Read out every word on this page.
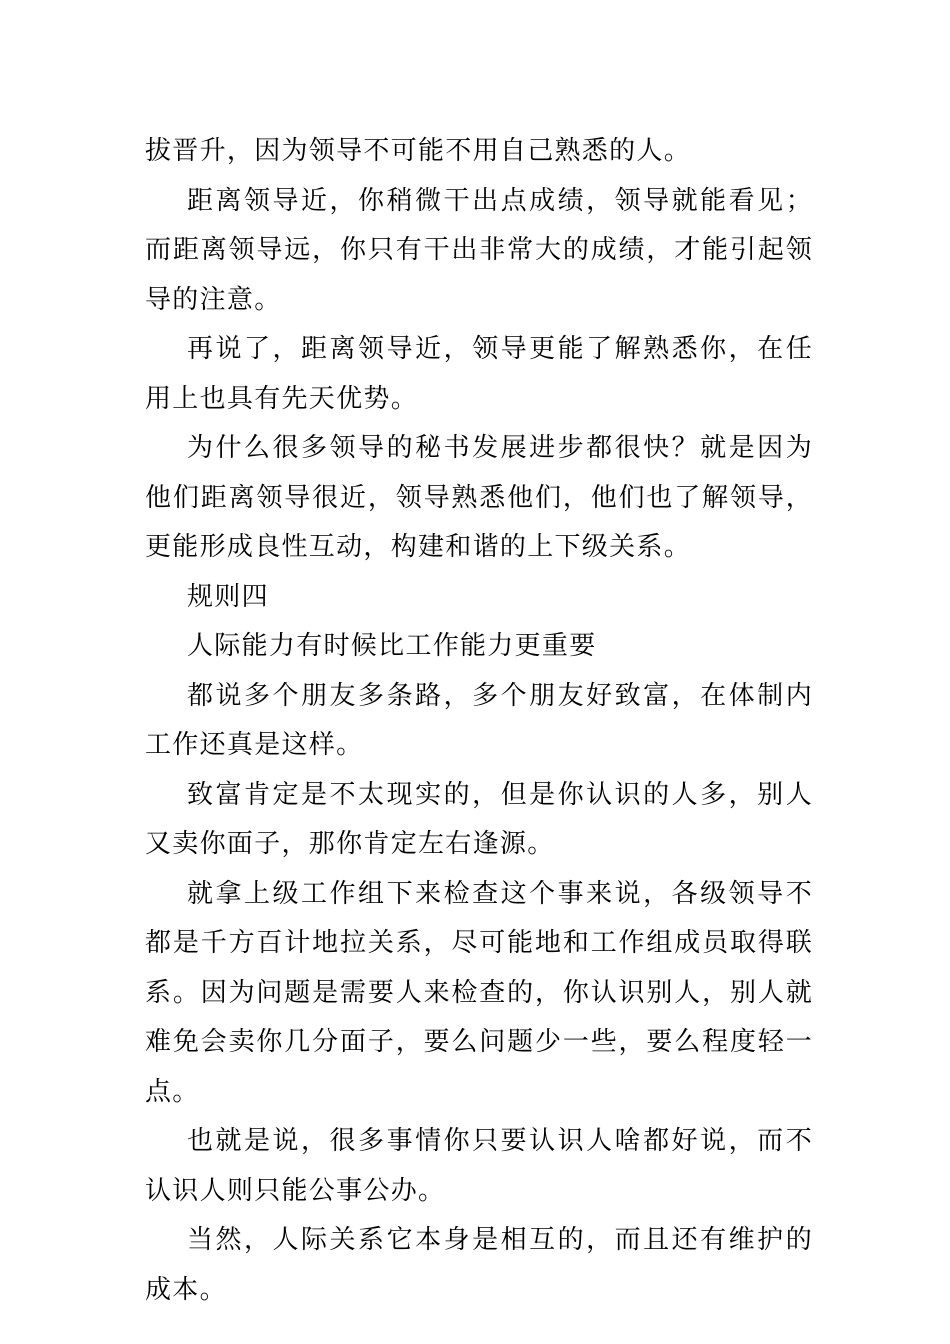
拔晋升，因为领导不可能不用自己熟悉的人。

距离领导近，你稍微干出点成绩，领导就能看见；而距离领导远，你只有干出非常大的成绩，才能引起领导的注意。

再说了，距离领导近，领导更能了解熟悉你，在任用上也具有先天优势。

为什么很多领导的秘书发展进步都很快？就是因为他们距离领导很近，领导熟悉他们，他们也了解领导，更能形成良性互动，构建和谐的上下级关系。

规则四

人际能力有时候比工作能力更重要

都说多个朋友多条路，多个朋友好致富，在体制内工作还真是这样。

致富肯定是不太现实的，但是你认识的人多，别人又卖你面子，那你肯定左右逢源。

就拿上级工作组下来检查这个事来说，各级领导不都是千方百计地拉关系，尽可能地和工作组成员取得联系。因为问题是需要人来检查的，你认识别人，别人就难免会卖你几分面子，要么问题少一些，要么程度轻一点。

也就是说，很多事情你只要认识人啥都好说，而不认识人则只能公事公办。

当然，人际关系它本身是相互的，而且还有维护的成本。
